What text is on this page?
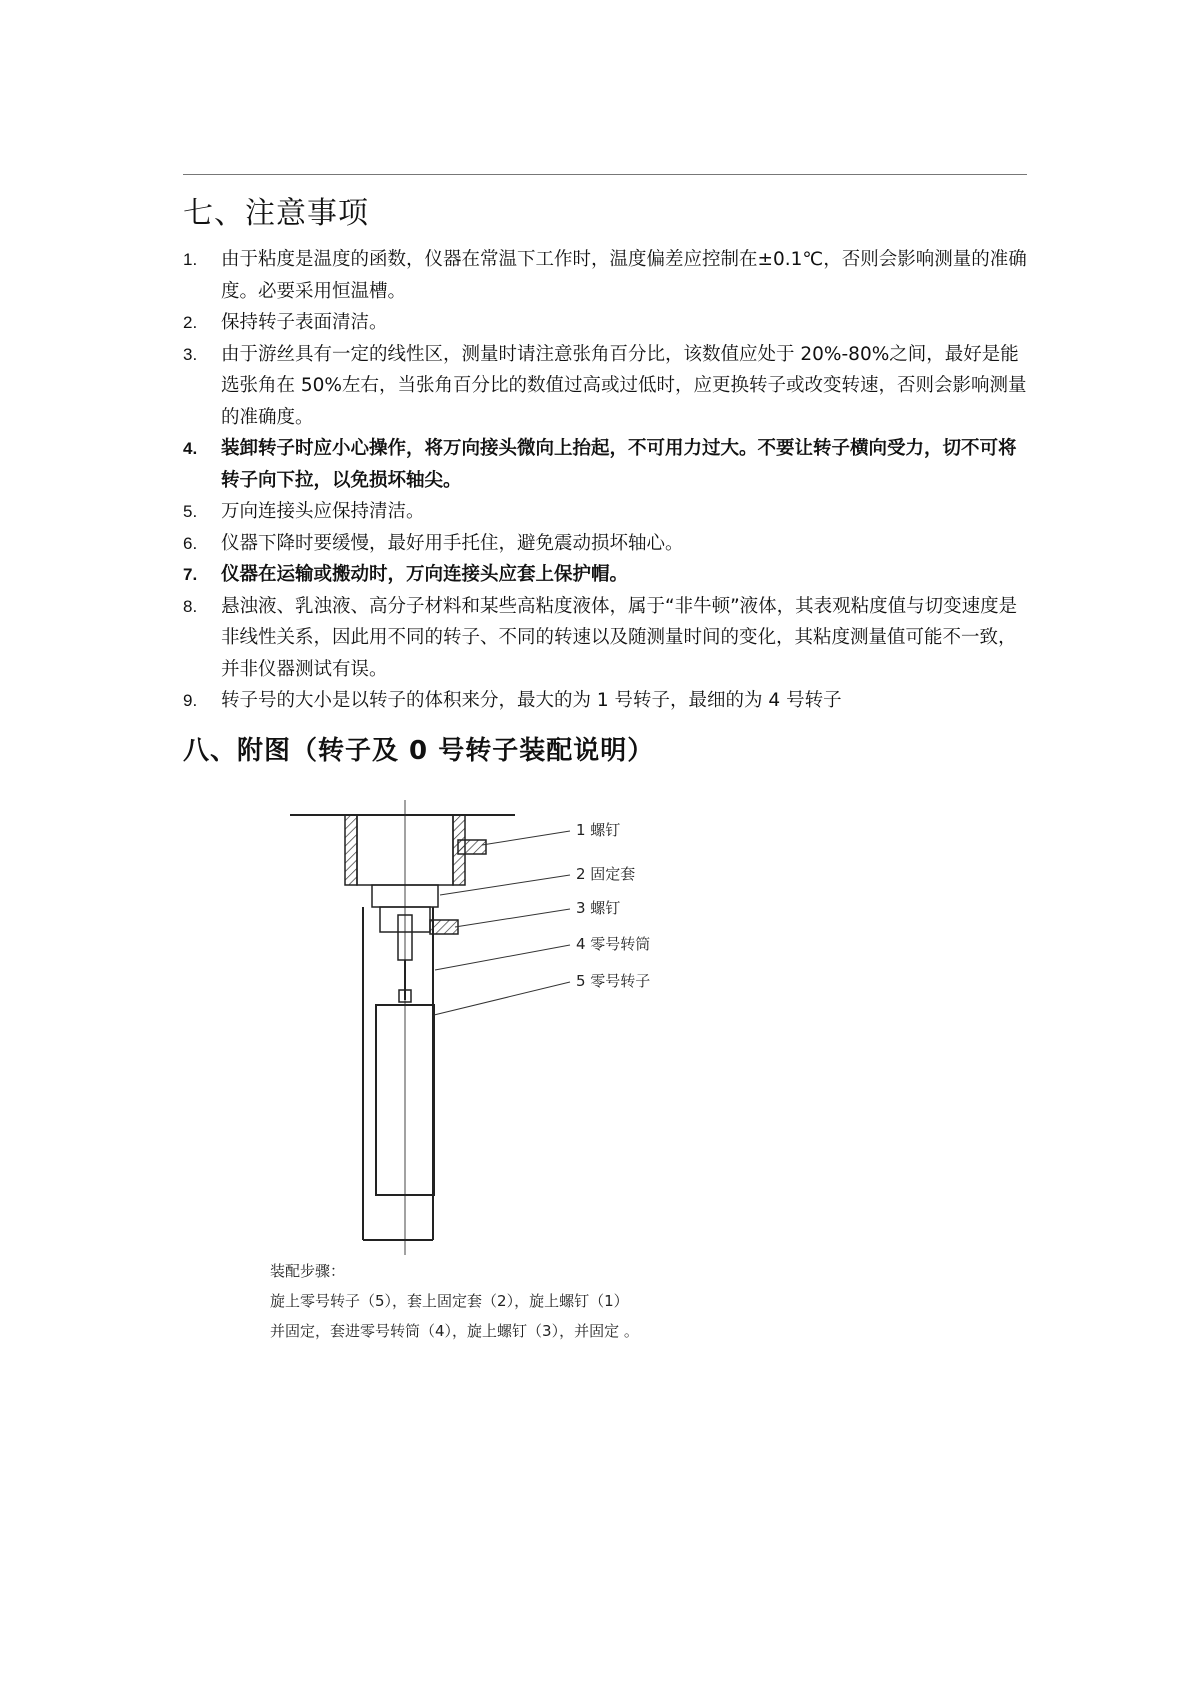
七、注意事项
1. 由于粘度是温度的函数，仪器在常温下工作时，温度偏差应控制在±0.1℃，否则会影响测量的准确度。必要采用恒温槽。
2. 保持转子表面清洁。
3. 由于游丝具有一定的线性区，测量时请注意张角百分比，该数值应处于 20%-80%之间，最好是能选张角在 50%左右，当张角百分比的数值过高或过低时，应更换转子或改变转速，否则会影响测量的准确度。
4. 装卸转子时应小心操作，将万向接头微向上抬起，不可用力过大。不要让转子横向受力，切不可将转子向下拉，以免损坏轴尖。
5. 万向连接头应保持清洁。
6. 仪器下降时要缓慢，最好用手托住，避免震动损坏轴心。
7. 仪器在运输或搬动时，万向连接头应套上保护帽。
8. 悬浊液、乳浊液、高分子材料和某些高粘度液体，属于“非牛顿”液体，其表观粘度值与切变速度是非线性关系，因此用不同的转子、不同的转速以及随测量时间的变化，其粘度测量值可能不一致，并非仪器测试有误。
9. 转子号的大小是以转子的体积来分，最大的为 1 号转子，最细的为 4 号转子
八、附图（转子及 0 号转子装配说明）
1 螺钉
2 固定套
3 螺钉
4 零号转筒
5 零号转子
装配步骤：
旋上零号转子（5），套上固定套（2），旋上螺钉（1）
并固定，套进零号转筒（4），旋上螺钉（3），并固定 。
